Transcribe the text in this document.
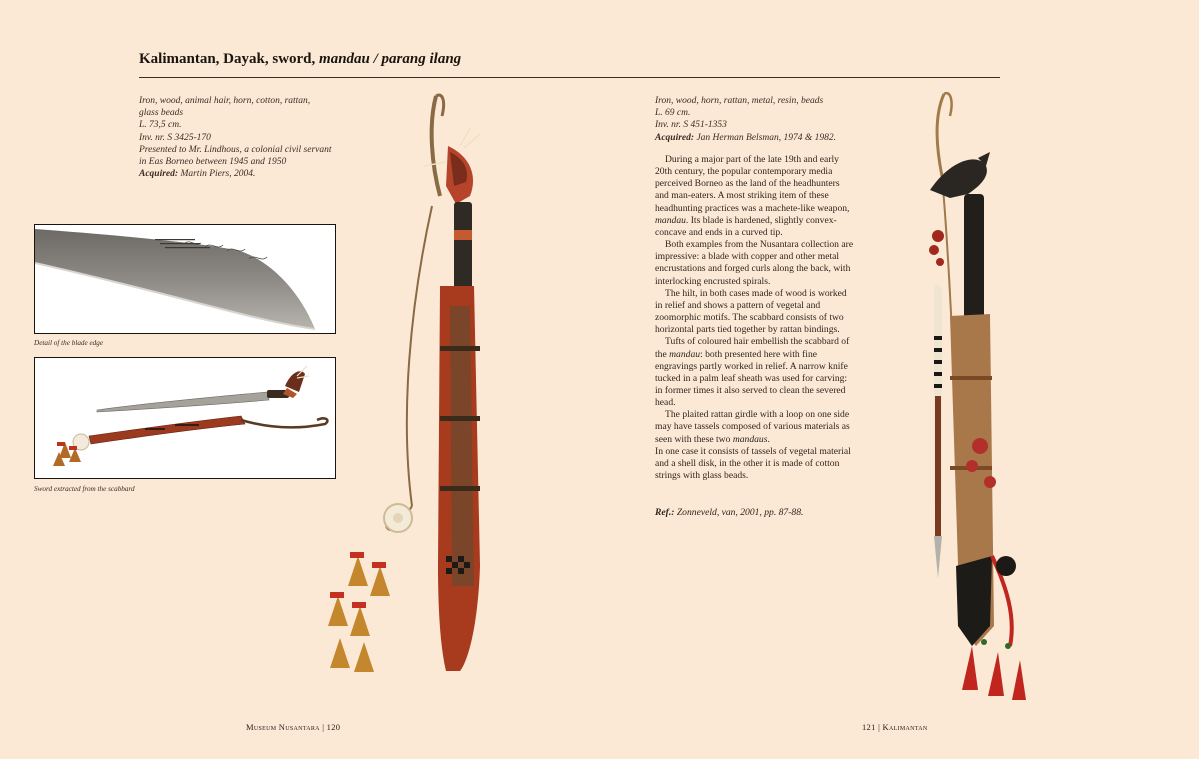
Kalimantan, Dayak, sword, mandau / parang ilang
Iron, wood, animal hair, horn, cotton, rattan,
glass beads
L. 73,5 cm.
Inv. nr. S 3425-170
Presented to Mr. Lindhous, a colonial civil servant
in Eas Borneo between 1945 and 1950
Acquired: Martin Piers, 2004.
Detail of the blade edge
Sword extracted from the scabbard
Iron, wood, horn, rattan, metal, resin, beads
L. 69 cm.
Inv. nr. S 451-1353
Acquired: Jan Herman Belsman, 1974 & 1982.

During a major part of the late 19th and early 20th century, the popular contemporary media perceived Borneo as the land of the headhunters and man-eaters. A most striking item of these headhunting practices was a machete-like weapon, mandau. Its blade is hardened, slightly convex-concave and ends in a curved tip.

Both examples from the Nusantara collection are impressive: a blade with copper and other metal encrustations and forged curls along the back, with interlocking encrusted spirals.

The hilt, in both cases made of wood is worked in relief and shows a pattern of vegetal and zoomorphic motifs. The scabbard consists of two horizontal parts tied together by rattan bindings.

Tufts of coloured hair embellish the scabbard of the mandau: both presented here with fine engravings partly worked in relief. A narrow knife tucked in a palm leaf sheath was used for carving: in former times it also served to clean the severed head.

The plaited rattan girdle with a loop on one side may have tassels composed of various materials as seen with these two mandaus.

In one case it consists of tassels of vegetal material and a shell disk, in the other it is made of cotton strings with glass beads.

Ref.: Zonneveld, van, 2001, pp. 87-88.
Museum Nusantara | 120	121 | Kalimantan
